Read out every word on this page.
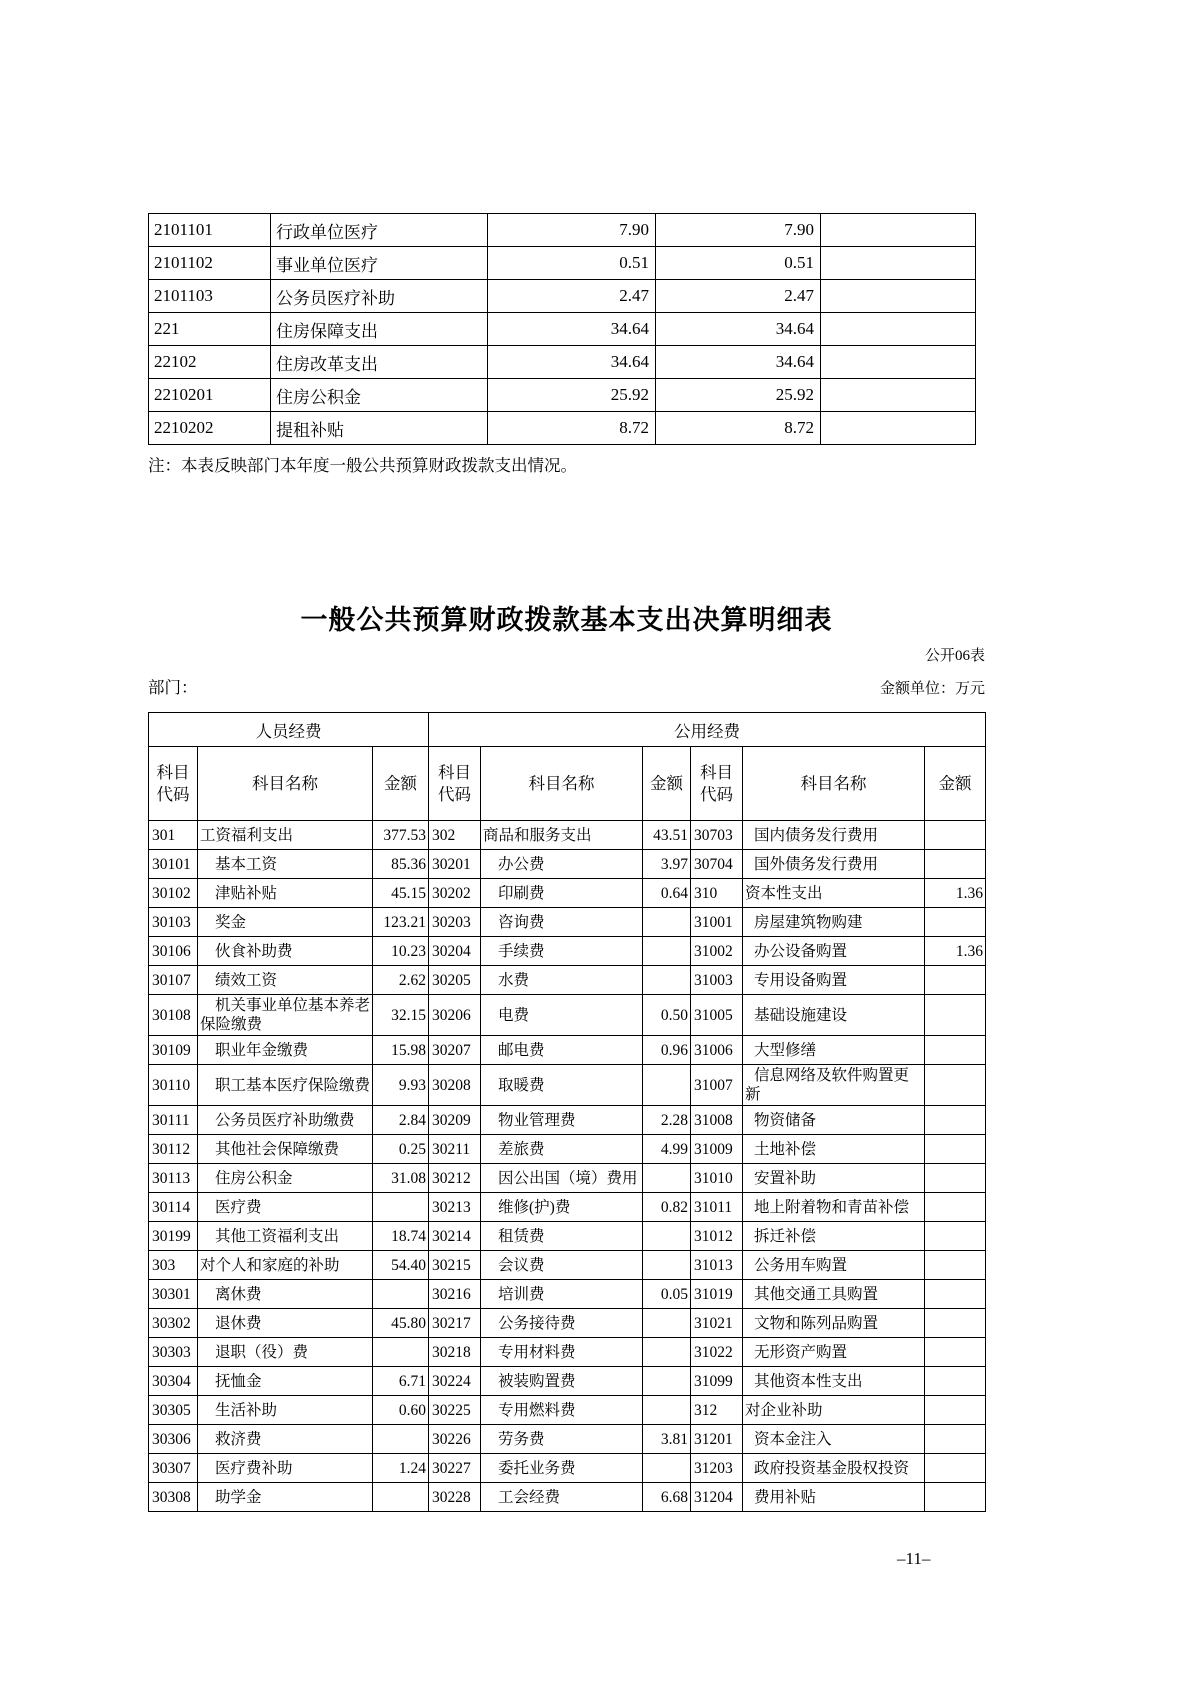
2101101	行政单位医疗	7.90	7.90	
2101102	事业单位医疗	0.51	0.51	
2101103	公务员医疗补助	2.47	2.47	
221	住房保障支出	34.64	34.64	
22102	住房改革支出	34.64	34.64	
2210201	住房公积金	25.92	25.92	
2210202	提租补贴	8.72	8.72	
注：本表反映部门本年度一般公共预算财政拨款支出情况。
一般公共预算财政拨款基本支出决算明细表
公开06表
部门：	金额单位：万元
人员经费			公用经费					
科目代码	科目名称	金额	科目代码	科目名称	金额	科目代码	科目名称	金额
301	工资福利支出	377.53	302	商品和服务支出	43.51	30703	国内债务发行费用	
30101	基本工资	85.36	30201	办公费	3.97	30704	国外债务发行费用	
30102	津贴补贴	45.15	30202	印刷费	0.64	310	资本性支出	1.36
30103	奖金	123.21	30203	咨询费		31001	房屋建筑物购建	
30106	伙食补助费	10.23	30204	手续费		31002	办公设备购置	1.36
30107	绩效工资	2.62	30205	水费		31003	专用设备购置	
30108	机关事业单位基本养老保险缴费	32.15	30206	电费	0.50	31005	基础设施建设	
30109	职业年金缴费	15.98	30207	邮电费	0.96	31006	大型修缮	
30110	职工基本医疗保险缴费	9.93	30208	取暖费		31007	信息网络及软件购置更新	
30111	公务员医疗补助缴费	2.84	30209	物业管理费	2.28	31008	物资储备	
30112	其他社会保障缴费	0.25	30211	差旅费	4.99	31009	土地补偿	
30113	住房公积金	31.08	30212	因公出国（境）费用		31010	安置补助	
30114	医疗费		30213	维修(护)费	0.82	31011	地上附着物和青苗补偿	
30199	其他工资福利支出	18.74	30214	租赁费		31012	拆迁补偿	
303	对个人和家庭的补助	54.40	30215	会议费		31013	公务用车购置	
30301	离休费		30216	培训费	0.05	31019	其他交通工具购置	
30302	退休费	45.80	30217	公务接待费		31021	文物和陈列品购置	
30303	退职（役）费		30218	专用材料费		31022	无形资产购置	
30304	抚恤金	6.71	30224	被装购置费		31099	其他资本性支出	
30305	生活补助	0.60	30225	专用燃料费		312	对企业补助	
30306	救济费		30226	劳务费	3.81	31201	资本金注入	
30307	医疗费补助	1.24	30227	委托业务费		31203	政府投资基金股权投资	
30308	助学金		30228	工会经费	6.68	31204	费用补贴	
–11–
